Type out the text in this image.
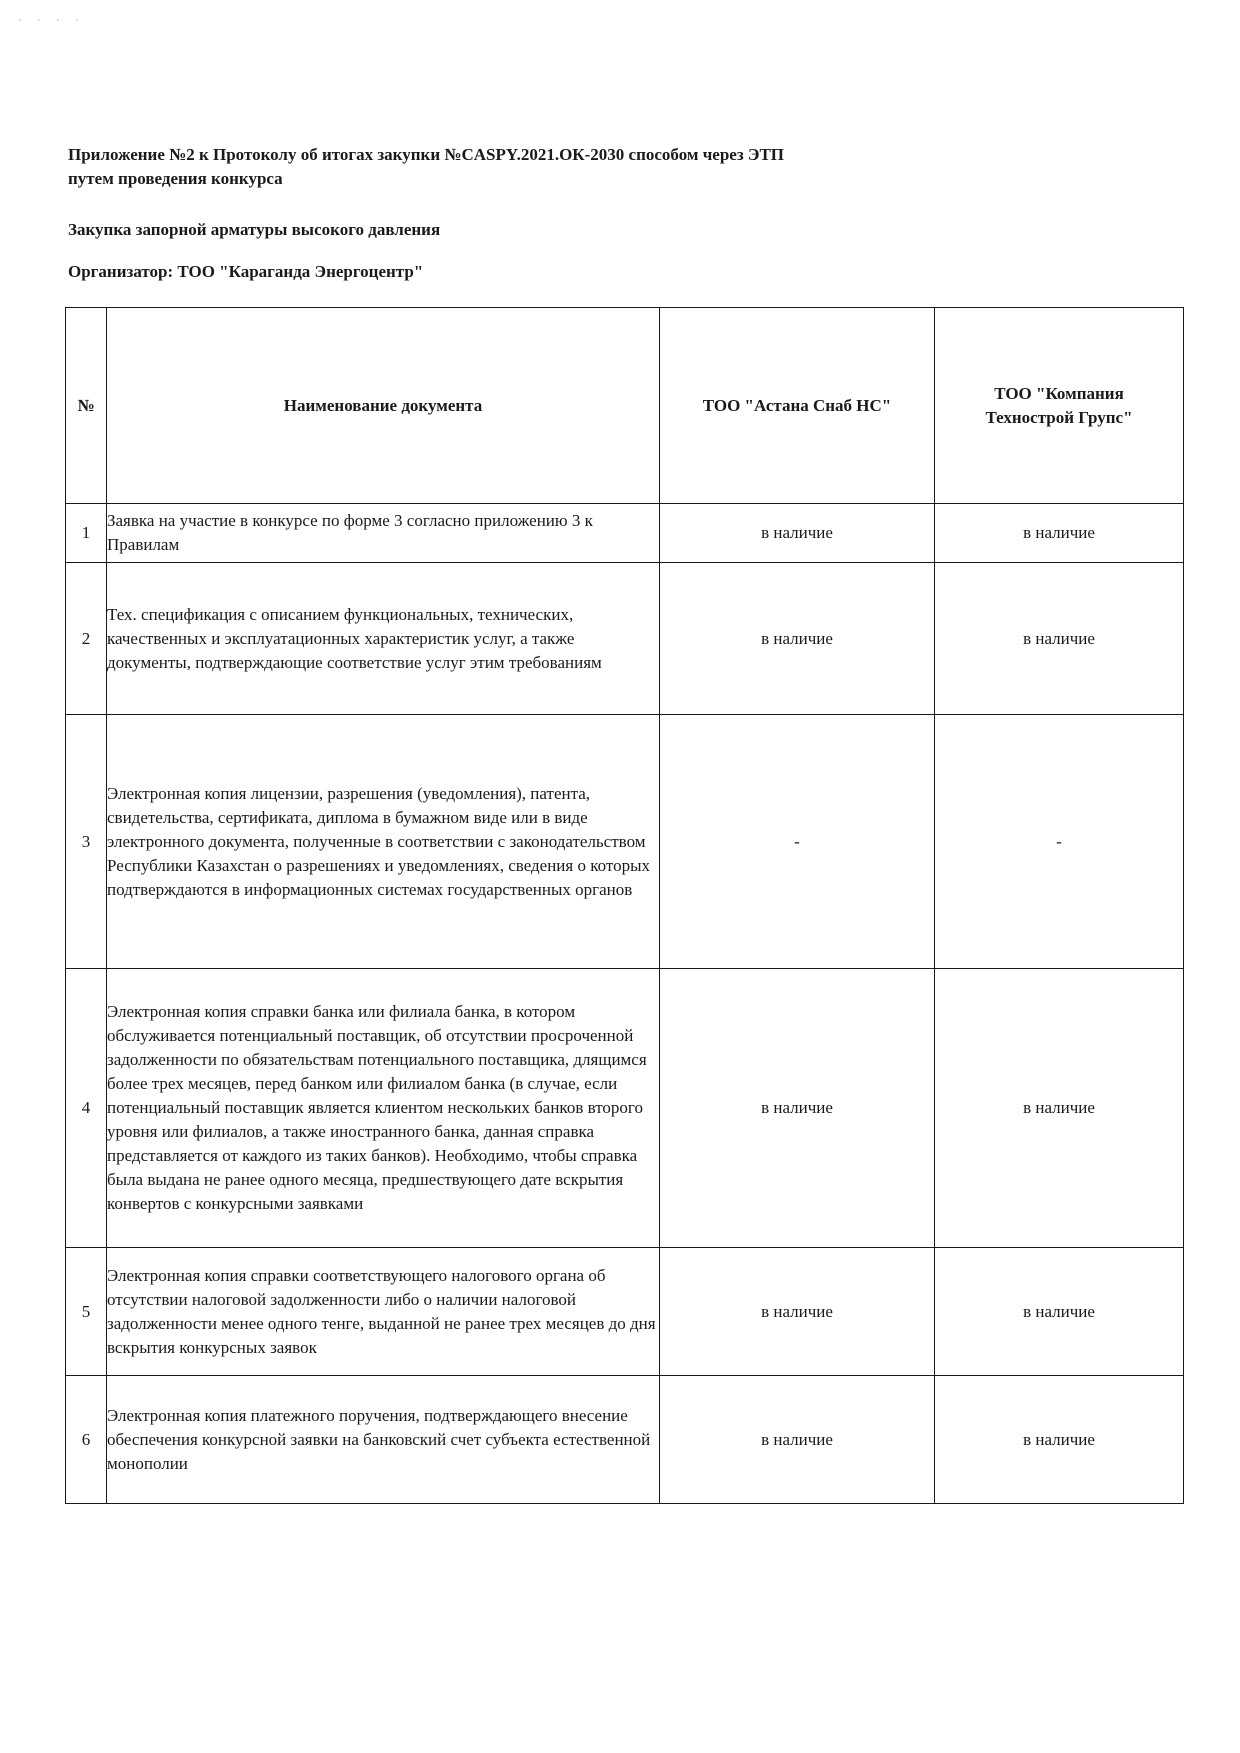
· · · ·

Приложение №2 к Протоколу об итогах закупки №CASPY.2021.ОК-2030 способом через ЭТП

путем проведения конкурса

Закупка запорной арматуры высокого давления

Организатор: ТОО "Караганда Энергоцентр"

№	Наименование документа	ТОО "Астана Снаб НС"	ТОО "Компания
Технострой Групс"
1	Заявка на участие в конкурсе по форме 3 согласно приложению 3 к Правилам	в наличие	в наличие
2	Тех. спецификация с описанием функциональных, технических, качественных и эксплуатационных характеристик услуг, а также документы, подтверждающие соответствие услуг этим требованиям	в наличие	в наличие
3	Электронная копия лицензии, разрешения (уведомления), патента, свидетельства, сертификата, диплома в бумажном виде или в виде электронного документа, полученные в соответствии с законодательством Республики Казахстан о разрешениях и уведомлениях, сведения о которых подтверждаются в информационных системах государственных органов	-	-
4	Электронная копия справки банка или филиала банка, в котором обслуживается потенциальный поставщик, об отсутствии просроченной задолженности по обязательствам потенциального поставщика, длящимся более трех месяцев, перед банком или филиалом банка (в случае, если потенциальный поставщик является клиентом нескольких банков второго уровня или филиалов, а также иностранного банка, данная справка представляется от каждого из таких банков). Необходимо, чтобы справка была выдана не ранее одного месяца, предшествующего дате вскрытия конвертов с конкурсными заявками	в наличие	в наличие
5	Электронная копия справки соответствующего налогового органа об отсутствии налоговой задолженности либо о наличии налоговой задолженности менее одного тенге, выданной не ранее трех месяцев до дня вскрытия конкурсных заявок	в наличие	в наличие
6	Электронная копия платежного поручения, подтверждающего внесение обеспечения конкурсной заявки на банковский счет субъекта естественной монополии	в наличие	в наличие
